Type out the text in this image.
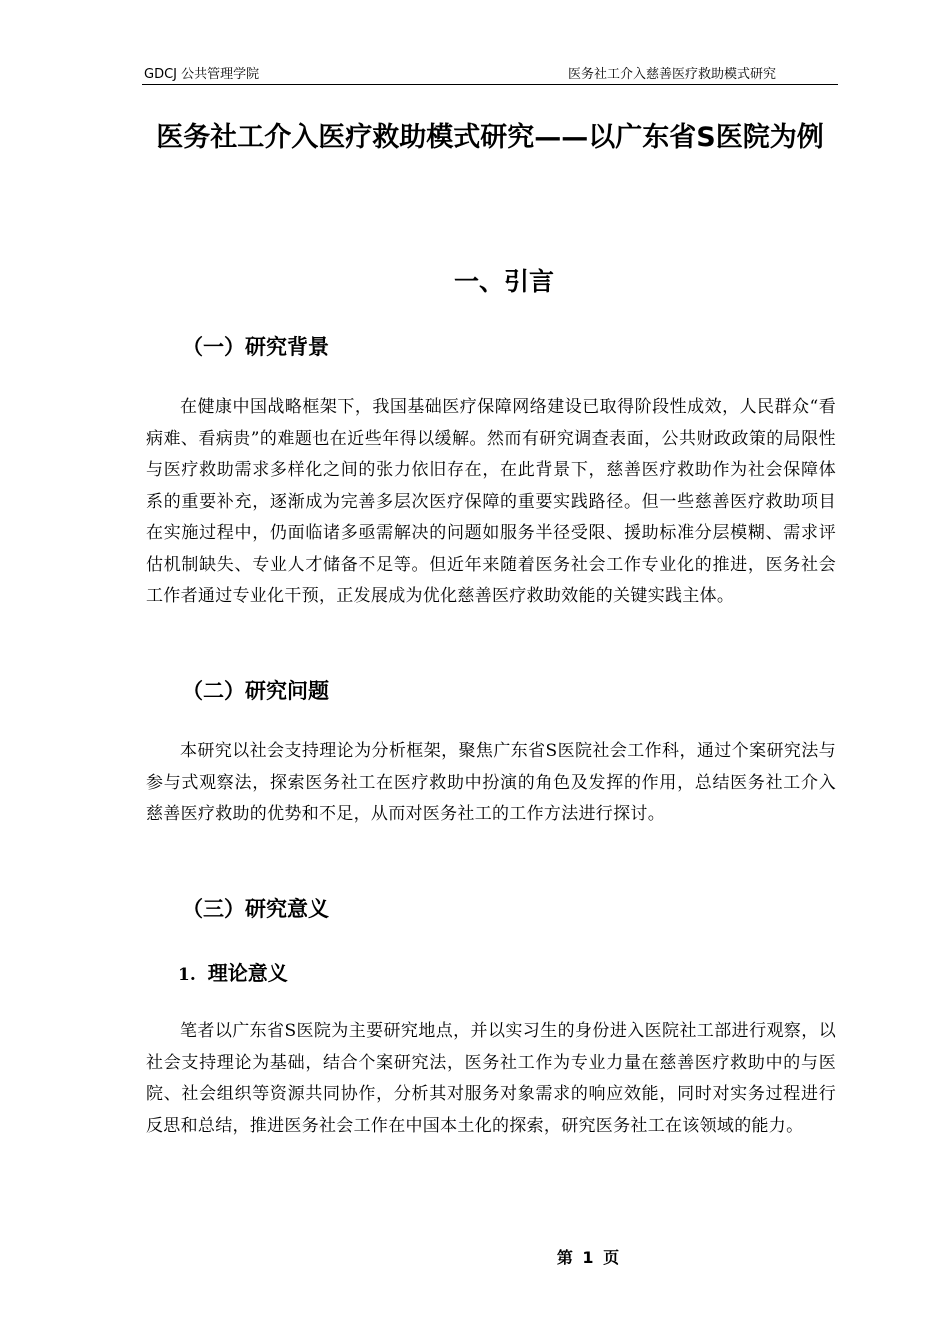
GDCJ 公共管理学院	医务社工介入慈善医疗救助模式研究
医务社工介入医疗救助模式研究——以广东省S医院为例
一、引言
（一）研究背景

在健康中国战略框架下，我国基础医疗保障网络建设已取得阶段性成效，人民群众“看病难、看病贵”的难题也在近些年得以缓解。然而有研究调查表面，公共财政政策的局限性与医疗救助需求多样化之间的张力依旧存在，在此背景下，慈善医疗救助作为社会保障体系的重要补充，逐渐成为完善多层次医疗保障的重要实践路径。但一些慈善医疗救助项目在实施过程中，仍面临诸多亟需解决的问题如服务半径受限、援助标准分层模糊、需求评估机制缺失、专业人才储备不足等。但近年来随着医务社会工作专业化的推进，医务社会工作者通过专业化干预，正发展成为优化慈善医疗救助效能的关键实践主体。

（二）研究问题

本研究以社会支持理论为分析框架，聚焦广东省S医院社会工作科，通过个案研究法与参与式观察法，探索医务社工在医疗救助中扮演的角色及发挥的作用，总结医务社工介入慈善医疗救助的优势和不足，从而对医务社工的工作方法进行探讨。

（三）研究意义
1. 理论意义

笔者以广东省S医院为主要研究地点，并以实习生的身份进入医院社工部进行观察，以社会支持理论为基础，结合个案研究法，医务社工作为专业力量在慈善医疗救助中的与医院、社会组织等资源共同协作，分析其对服务对象需求的响应效能，同时对实务过程进行反思和总结，推进医务社会工作在中国本土化的探索，研究医务社工在该领域的能力。

第 1 页
